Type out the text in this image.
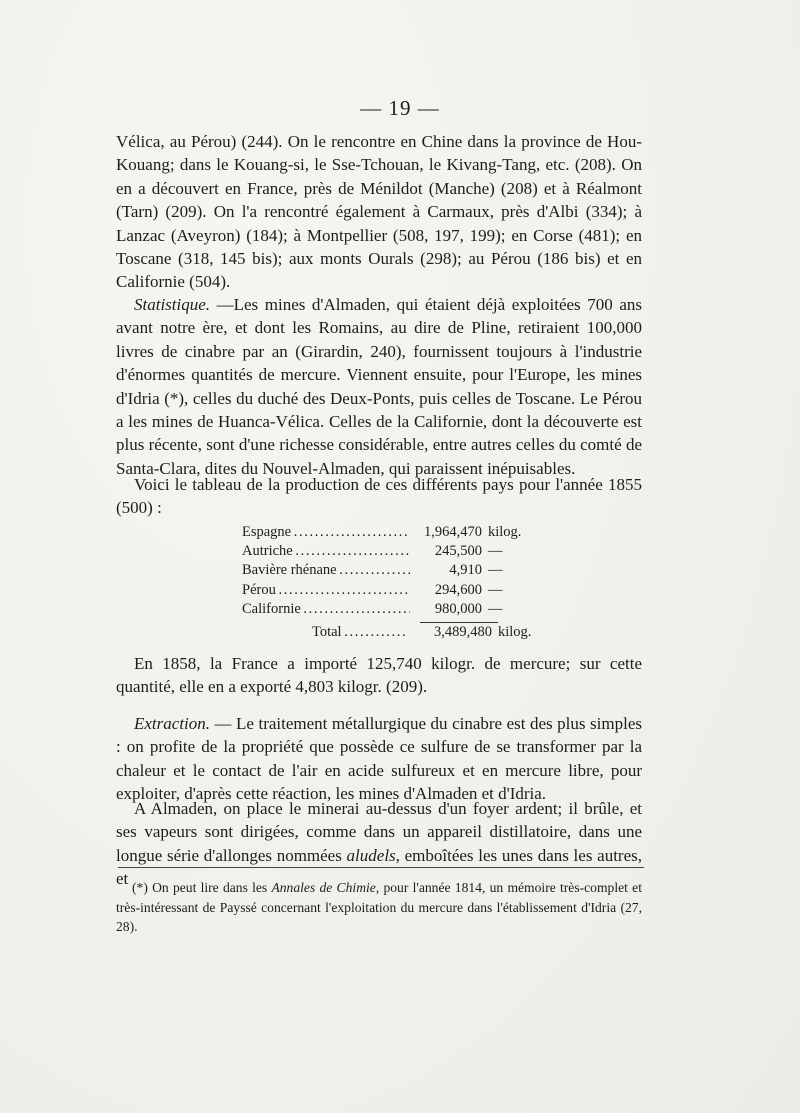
— 19 —

Vélica, au Pérou) (244). On le rencontre en Chine dans la province de Hou-Kouang; dans le Kouang-si, le Sse-Tchouan, le Kivang-Tang, etc. (208). On en a découvert en France, près de Ménildot (Manche) (208) et à Réalmont (Tarn) (209). On l'a rencontré également à Carmaux, près d'Albi (334); à Lanzac (Aveyron) (184); à Montpellier (508, 197, 199); en Corse (481); en Toscane (318, 145 bis); aux monts Ourals (298); au Pérou (186 bis) et en Californie (504).

Statistique. —Les mines d'Almaden, qui étaient déjà exploitées 700 ans avant notre ère, et dont les Romains, au dire de Pline, retiraient 100,000 livres de cinabre par an (Girardin, 240), fournissent toujours à l'industrie d'énormes quantités de mercure. Viennent ensuite, pour l'Europe, les mines d'Idria (*), celles du duché des Deux-Ponts, puis celles de Toscane. Le Pérou a les mines de Huanca-Vélica. Celles de la Californie, dont la découverte est plus récente, sont d'une richesse considérable, entre autres celles du comté de Santa-Clara, dites du Nouvel-Almaden, qui paraissent inépuisables.

Voici le tableau de la production de ces différents pays pour l'année 1855 (500) :

Espagne . . .	1,964,470 kilog.
Autriche . . .	245,500 —
Bavière rhénane . . .	4,910 —
Pérou . . .	294,600 —
Californie . . .	980,000 —
Total . . .	3,489,480 kilog.

En 1858, la France a importé 125,740 kilogr. de mercure; sur cette quantité, elle en a exporté 4,803 kilogr. (209).

Extraction. — Le traitement métallurgique du cinabre est des plus simples : on profite de la propriété que possède ce sulfure de se transformer par la chaleur et le contact de l'air en acide sulfureux et en mercure libre, pour exploiter, d'après cette réaction, les mines d'Almaden et d'Idria.

A Almaden, on place le minerai au-dessus d'un foyer ardent; il brûle, et ses vapeurs sont dirigées, comme dans un appareil distillatoire, dans une longue série d'allonges nommées aludels, emboîtées les unes dans les autres, et (*) On peut lire dans les Annales de Chimie, pour l'année 1814, un mémoire très-complet et très-intéressant de Payssé concernant l'exploitation du mercure dans l'établissement d'Idria (27, 28).
